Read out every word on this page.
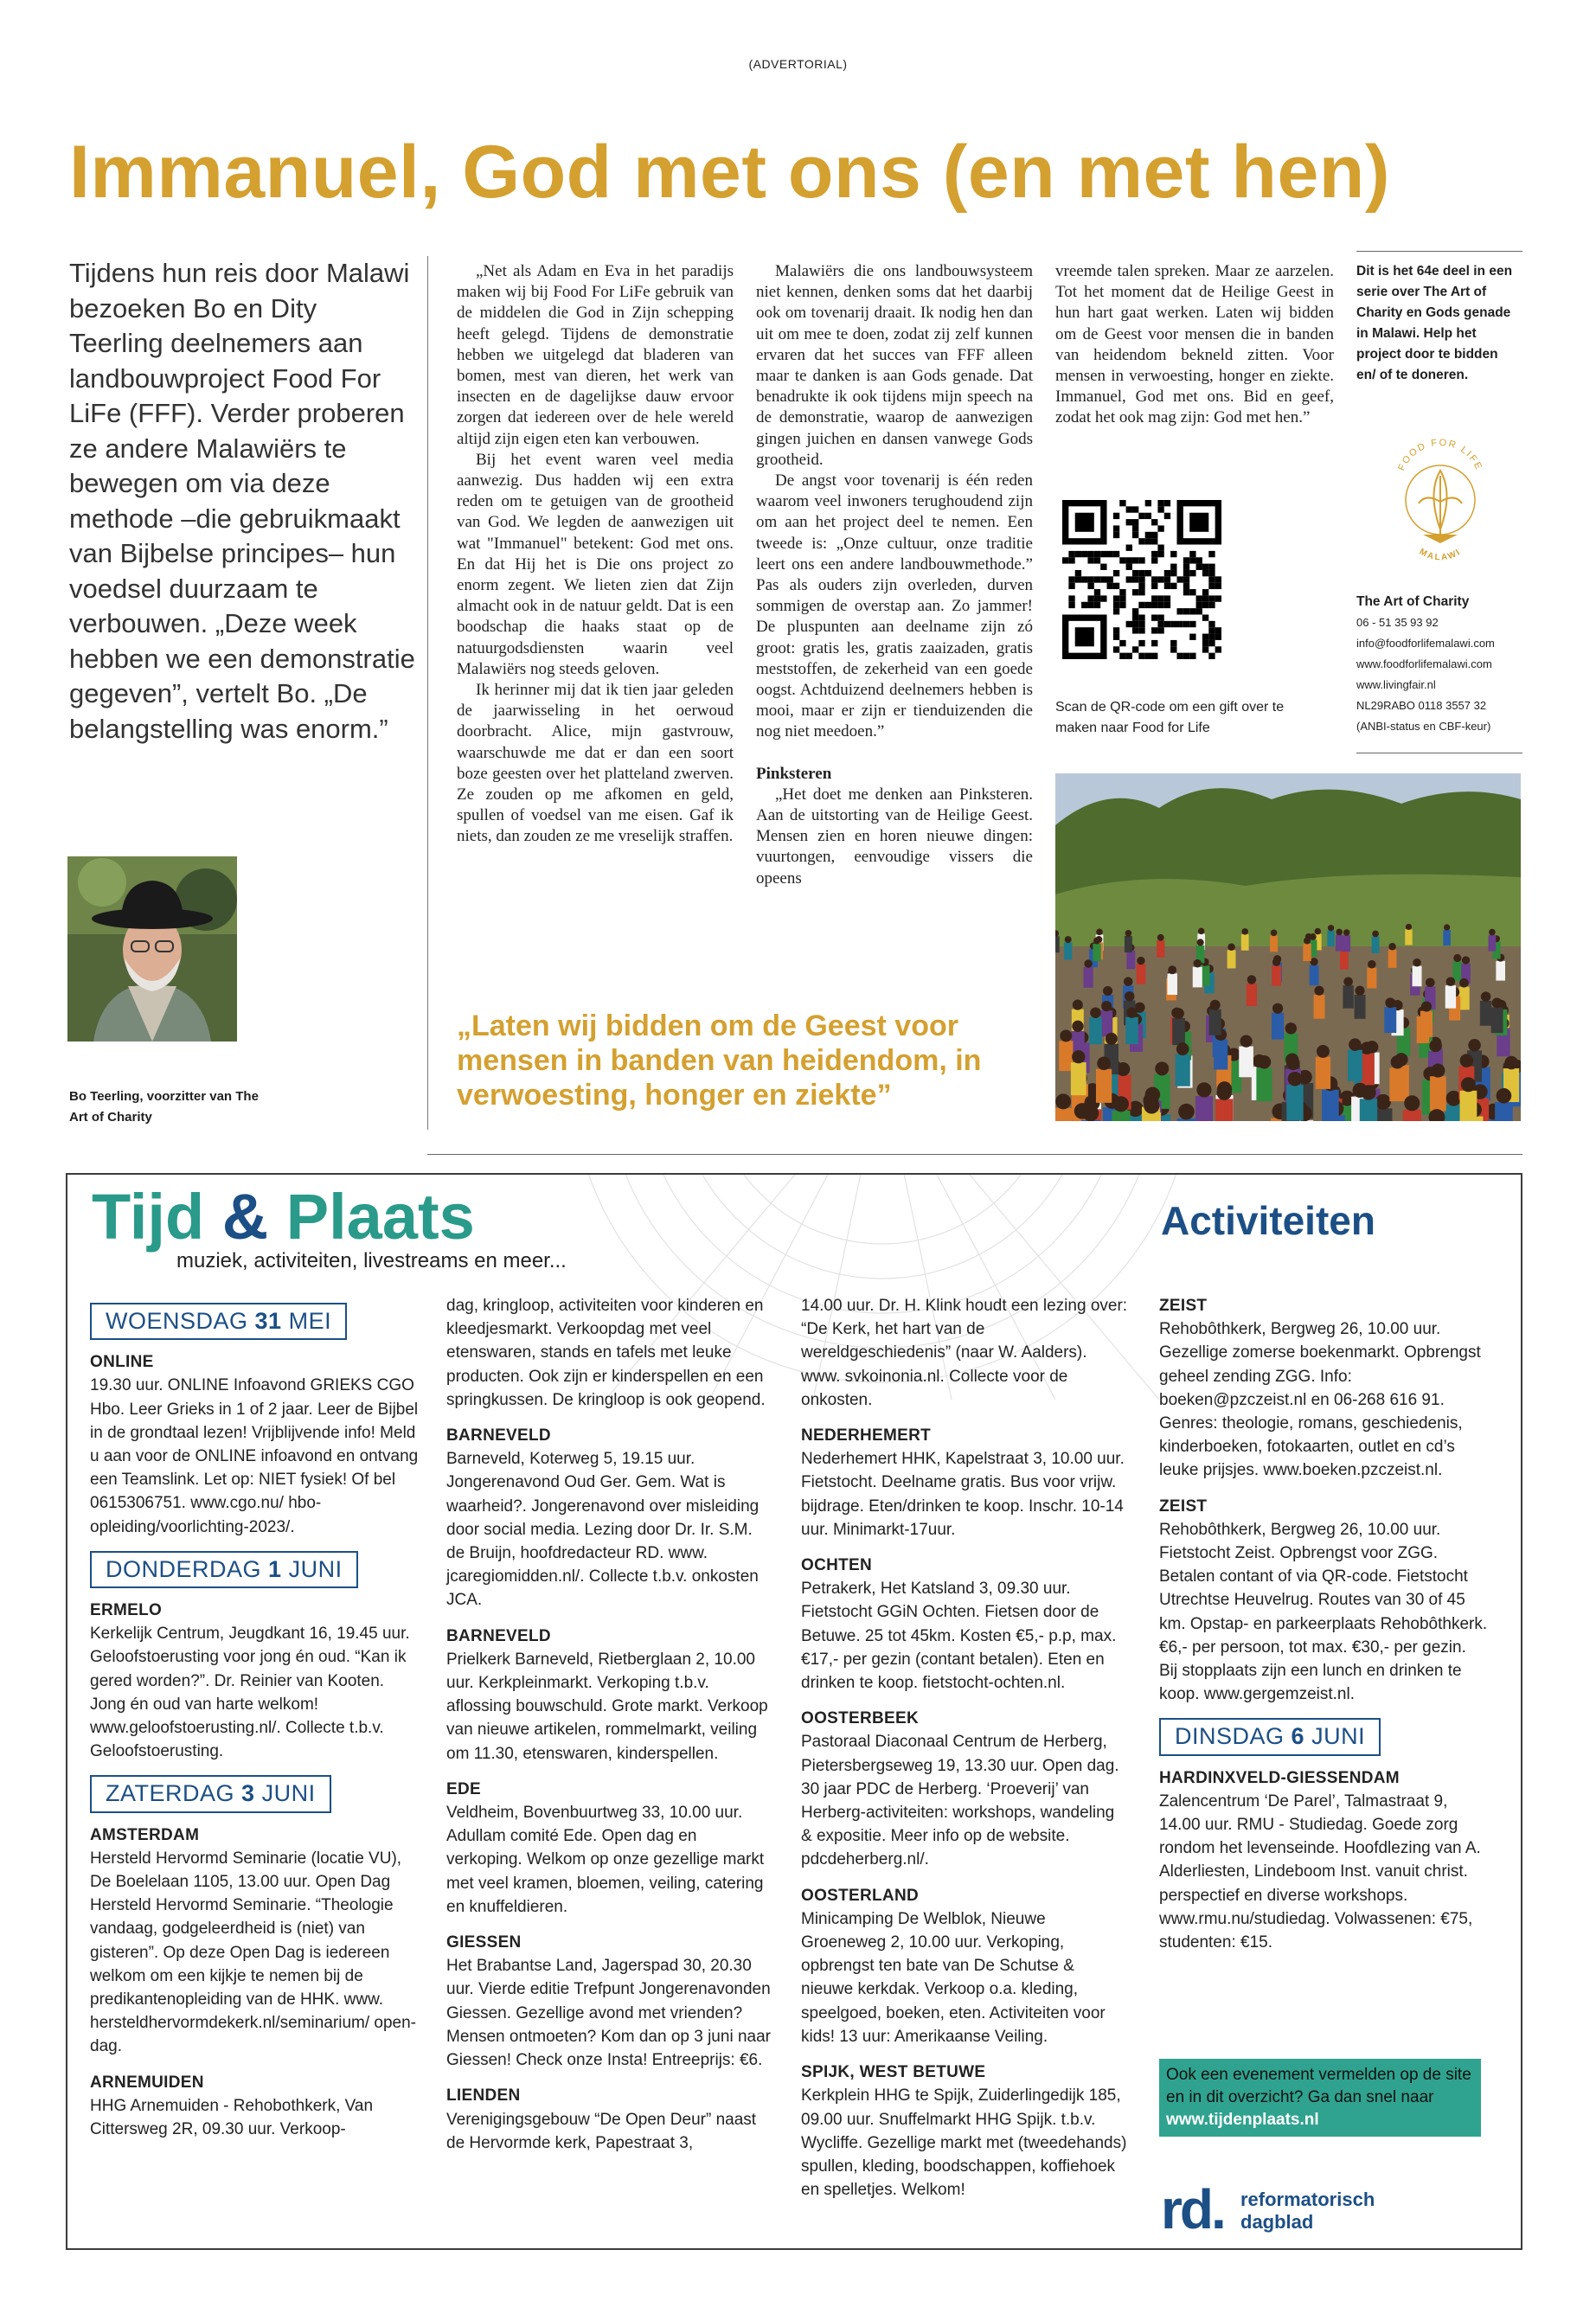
(ADVERTORIAL)
Immanuel, God met ons (en met hen)

Tijdens hun reis door Malawi bezoeken Bo en Dity Teerling deelnemers aan landbouwproject Food For LiFe (FFF). Verder proberen ze andere Malawiërs te bewegen om via deze methode –die gebruikmaakt van Bijbelse principes– hun voedsel duurzaam te verbouwen. „Deze week hebben we een demonstratie gegeven”, vertelt Bo. „De belangstelling was enorm.”

Bo Teerling, voorzitter van The Art of Charity

„Net als Adam en Eva in het paradijs maken wij bij Food For LiFe gebruik van de middelen die God in Zijn schepping heeft gelegd. Tijdens de demonstratie hebben we uitgelegd dat bladeren van bomen, mest van dieren, het werk van insecten en de dagelijkse dauw ervoor zorgen dat iedereen over de hele wereld altijd zijn eigen eten kan verbouwen.

Bij het event waren veel media aanwezig. Dus hadden wij een extra reden om te getuigen van de grootheid van God. We legden de aanwezigen uit wat "Immanuel" betekent: God met ons. En dat Hij het is Die ons project zo enorm zegent. We lieten zien dat Zijn almacht ook in de natuur geldt. Dat is een boodschap die haaks staat op de natuurgodsdiensten waarin veel Malawiërs nog steeds geloven.

Ik herinner mij dat ik tien jaar geleden de jaarwisseling in het oerwoud doorbracht. Alice, mijn gastvrouw, waarschuwde me dat er dan een soort boze geesten over het platteland zwerven. Ze zouden op me afkomen en geld, spullen of voedsel van me eisen. Gaf ik niets, dan zouden ze me vreselijk straffen.

Malawiërs die ons landbouwsysteem niet kennen, denken soms dat het daarbij ook om tovenarij draait. Ik nodig hen dan uit om mee te doen, zodat zij zelf kunnen ervaren dat het succes van FFF alleen maar te danken is aan Gods genade. Dat benadrukte ik ook tijdens mijn speech na de demonstratie, waarop de aanwezigen gingen juichen en dansen vanwege Gods grootheid.

De angst voor tovenarij is één reden waarom veel inwoners terughoudend zijn om aan het project deel te nemen. Een tweede is: „Onze cultuur, onze traditie leert ons een andere landbouwmethode.” Pas als ouders zijn overleden, durven sommigen de overstap aan. Zo jammer! De pluspunten aan deelname zijn zó groot: gratis les, gratis zaaizaden, gratis meststoffen, de zekerheid van een goede oogst. Achtduizend deelnemers hebben is mooi, maar er zijn er tienduizenden die nog niet meedoen.”

Pinksteren

„Het doet me denken aan Pinksteren. Aan de uitstorting van de Heilige Geest. Mensen zien en horen nieuwe dingen: vuurtongen, eenvoudige vissers die opeens

vreemde talen spreken. Maar ze aarzelen. Tot het moment dat de Heilige Geest in hun hart gaat werken. Laten wij bidden om de Geest voor mensen die in banden van heidendom bekneld zitten. Voor mensen in verwoesting, honger en ziekte. Immanuel, God met ons. Bid en geef, zodat het ook mag zijn: God met hen.”

„Laten wij bidden om de Geest voor mensen in banden van heidendom, in verwoesting, honger en ziekte”
Scan de QR-code om een gift over te maken naar Food for Life
Dit is het 64e deel in een serie over The Art of Charity en Gods genade in Malawi. Help het project door te bidden en/ of te doneren.
FOOD FOR LIFE
MALAWI
The Art of Charity
06 - 51 35 93 92
info@foodforlifemalawi.com
www.foodforlifemalawi.com
www.livingfair.nl
NL29RABO 0118 3557 32
(ANBI-status en CBF-keur)
Tijd & Plaats
muziek, activiteiten, livestreams en meer...
Activiteiten
WOENSDAG 31 MEI
ONLINE

19.30 uur. ONLINE Infoavond GRIEKS CGO Hbo. Leer Grieks in 1 of 2 jaar. Leer de Bijbel in de grondtaal lezen! Vrijblijvende info! Meld u aan voor de ONLINE infoavond en ontvang een Teamslink. Let op: NIET fysiek! Of bel 0615306751. www.cgo.nu/ hbo-opleiding/voorlichting-2023/.

DONDERDAG 1 JUNI
ERMELO

Kerkelijk Centrum, Jeugdkant 16, 19.45 uur. Geloofstoerusting voor jong én oud. “Kan ik gered worden?”. Dr. Reinier van Kooten. Jong én oud van harte welkom! www.geloofstoerusting.nl/. Collecte t.b.v. Geloofstoerusting.

ZATERDAG 3 JUNI
AMSTERDAM

Hersteld Hervormd Seminarie (locatie VU), De Boelelaan 1105, 13.00 uur. Open Dag Hersteld Hervormd Seminarie. “Theologie vandaag, godgeleerdheid is (niet) van gisteren”. Op deze Open Dag is iedereen welkom om een kijkje te nemen bij de predikantenopleiding van de HHK. www. hersteldhervormdekerk.nl/seminarium/ open-dag.

ARNEMUIDEN

HHG Arnemuiden - Rehobothkerk, Van Cittersweg 2R, 09.30 uur. Verkoop-

dag, kringloop, activiteiten voor kinderen en kleedjesmarkt. Verkoopdag met veel etenswaren, stands en tafels met leuke producten. Ook zijn er kinderspellen en een springkussen. De kringloop is ook geopend.

BARNEVELD

Barneveld, Koterweg 5, 19.15 uur. Jongerenavond Oud Ger. Gem. Wat is waarheid?. Jongerenavond over misleiding door social media. Lezing door Dr. Ir. S.M. de Bruijn, hoofdredacteur RD. www. jcaregiomidden.nl/. Collecte t.b.v. onkosten JCA.

BARNEVELD

Prielkerk Barneveld, Rietberglaan 2, 10.00 uur. Kerkpleinmarkt. Verkoping t.b.v. aflossing bouwschuld. Grote markt. Verkoop van nieuwe artikelen, rommelmarkt, veiling om 11.30, etenswaren, kinderspellen.

EDE

Veldheim, Bovenbuurtweg 33, 10.00 uur. Adullam comité Ede. Open dag en verkoping. Welkom op onze gezellige markt met veel kramen, bloemen, veiling, catering en knuffeldieren.

GIESSEN

Het Brabantse Land, Jagerspad 30, 20.30 uur. Vierde editie Trefpunt Jongerenavonden Giessen. Gezellige avond met vrienden? Mensen ontmoeten? Kom dan op 3 juni naar Giessen! Check onze Insta! Entreeprijs: €6.

LIENDEN

Verenigingsgebouw “De Open Deur” naast de Hervormde kerk, Papestraat 3,

14.00 uur. Dr. H. Klink houdt een lezing over: “De Kerk, het hart van de wereldgeschiedenis” (naar W. Aalders). www. svkoinonia.nl. Collecte voor de onkosten.

NEDERHEMERT

Nederhemert HHK, Kapelstraat 3, 10.00 uur. Fietstocht. Deelname gratis. Bus voor vrijw. bijdrage. Eten/drinken te koop. Inschr. 10-14 uur. Minimarkt-17uur.

OCHTEN

Petrakerk, Het Katsland 3, 09.30 uur. Fietstocht GGiN Ochten. Fietsen door de Betuwe. 25 tot 45km. Kosten €5,- p.p, max. €17,- per gezin (contant betalen). Eten en drinken te koop. fietstocht-ochten.nl.

OOSTERBEEK

Pastoraal Diaconaal Centrum de Herberg, Pietersbergseweg 19, 13.30 uur. Open dag. 30 jaar PDC de Herberg. ‘Proeverij’ van Herberg-activiteiten: workshops, wandeling & expositie. Meer info op de website. pdcdeherberg.nl/.

OOSTERLAND

Minicamping De Welblok, Nieuwe Groeneweg 2, 10.00 uur. Verkoping, opbrengst ten bate van De Schutse & nieuwe kerkdak. Verkoop o.a. kleding, speelgoed, boeken, eten. Activiteiten voor kids! 13 uur: Amerikaanse Veiling.

SPIJK, WEST BETUWE

Kerkplein HHG te Spijk, Zuiderlingedijk 185, 09.00 uur. Snuffelmarkt HHG Spijk. t.b.v. Wycliffe. Gezellige markt met (tweedehands) spullen, kleding, boodschappen, koffiehoek en spelletjes. Welkom!

ZEIST

Rehobôthkerk, Bergweg 26, 10.00 uur. Gezellige zomerse boekenmarkt. Opbrengst geheel zending ZGG. Info: boeken@pzczeist.nl en 06-268 616 91. Genres: theologie, romans, geschiedenis, kinderboeken, fotokaarten, outlet en cd’s leuke prijsjes. www.boeken.pzczeist.nl.

ZEIST

Rehobôthkerk, Bergweg 26, 10.00 uur. Fietstocht Zeist. Opbrengst voor ZGG. Betalen contant of via QR-code. Fietstocht Utrechtse Heuvelrug. Routes van 30 of 45 km. Opstap- en parkeerplaats Rehobôthkerk. €6,- per persoon, tot max. €30,- per gezin. Bij stopplaats zijn een lunch en drinken te koop. www.gergemzeist.nl.

DINSDAG 6 JUNI
HARDINXVELD-GIESSENDAM

Zalencentrum ‘De Parel’, Talmastraat 9, 14.00 uur. RMU - Studiedag. Goede zorg rondom het levenseinde. Hoofdlezing van A. Alderliesten, Lindeboom Inst. vanuit christ. perspectief en diverse workshops. www.rmu.nu/studiedag. Volwassenen: €75, studenten: €15.

Ook een evenement vermelden op de site en in dit overzicht? Ga dan snel naar www.tijdenplaats.nl
rd. reformatorisch
dagblad
